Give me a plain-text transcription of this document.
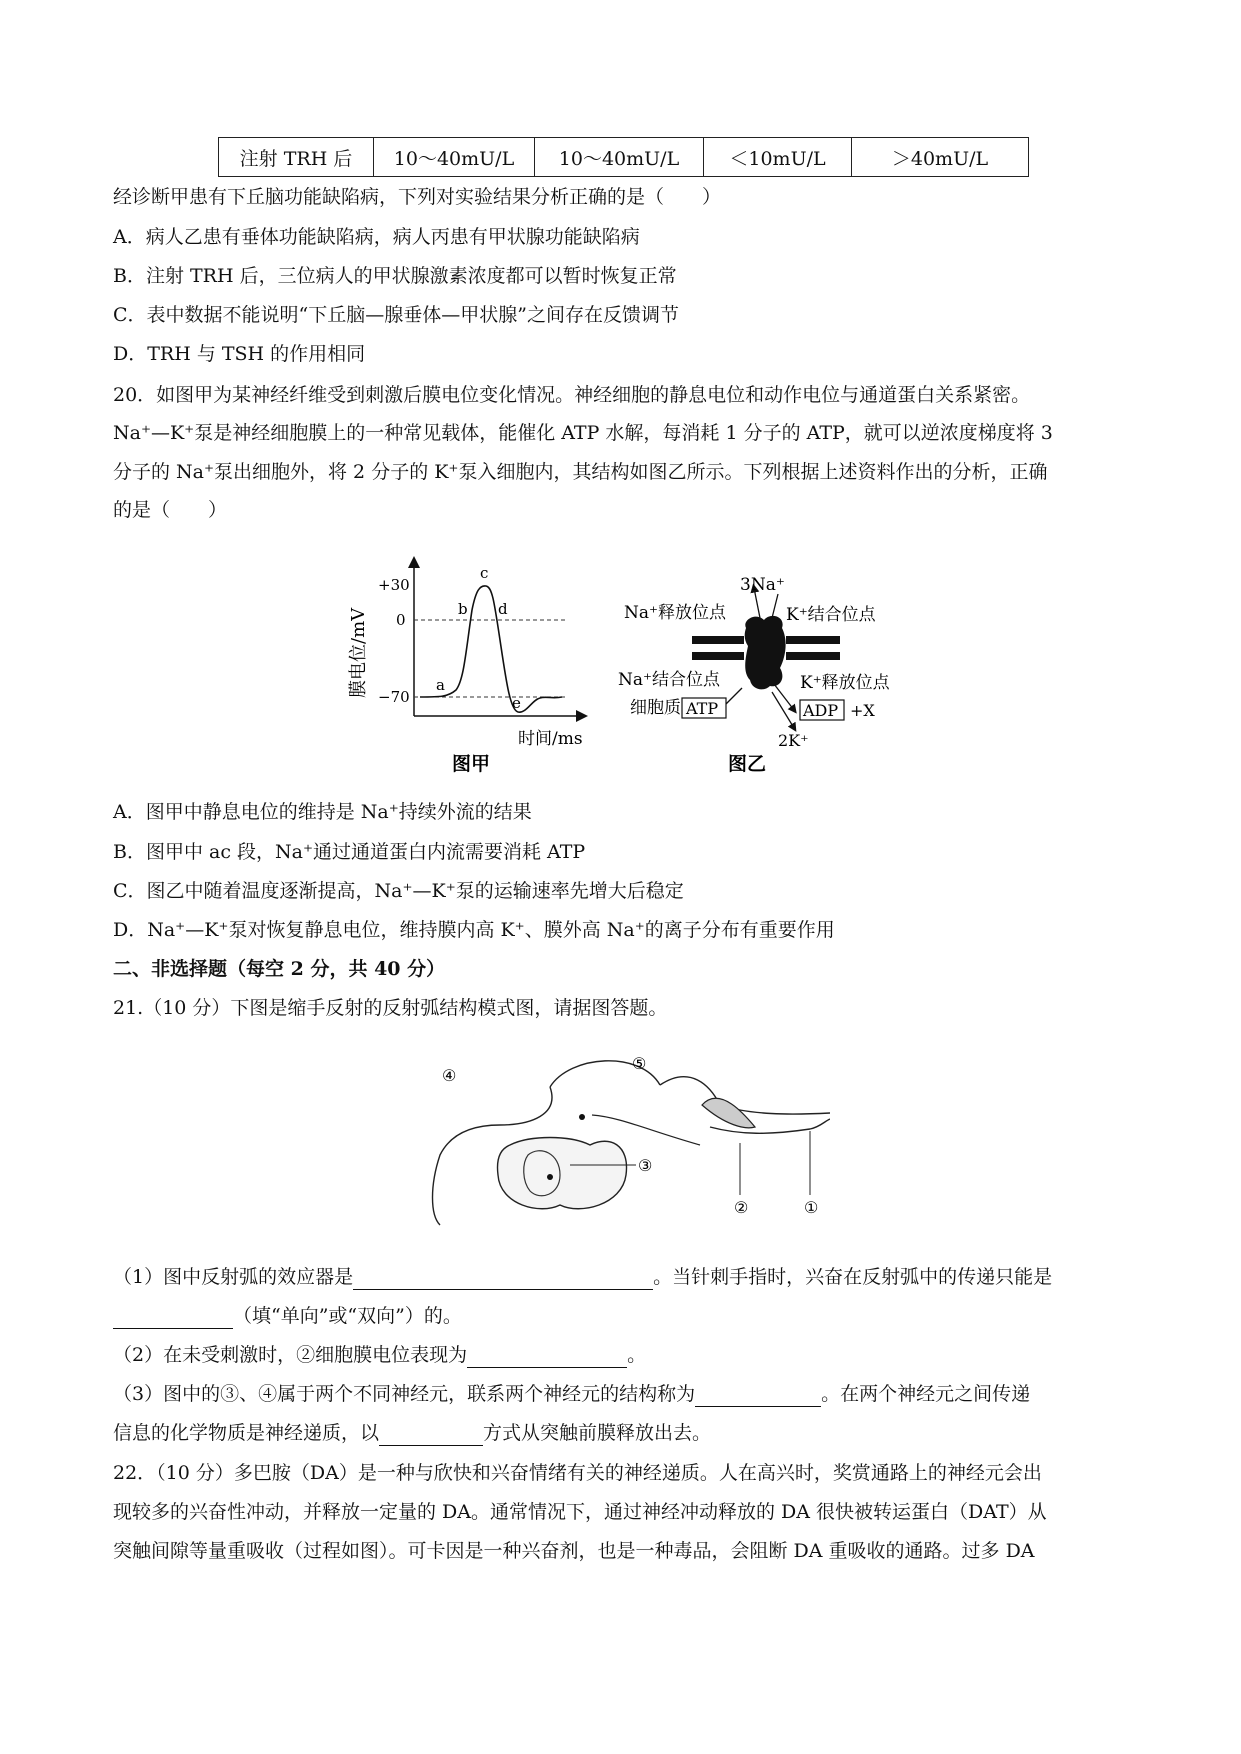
注射 TRH 后	10～40mU/L	10～40mU/L	＜10mU/L	＞40mU/L
经诊断甲患有下丘脑功能缺陷病，下列对实验结果分析正确的是（　　）
A．病人乙患有垂体功能缺陷病，病人丙患有甲状腺功能缺陷病
B．注射 TRH 后，三位病人的甲状腺激素浓度都可以暂时恢复正常
C．表中数据不能说明“下丘脑—腺垂体—甲状腺”之间存在反馈调节
D．TRH 与 TSH 的作用相同
20．如图甲为某神经纤维受到刺激后膜电位变化情况。神经细胞的静息电位和动作电位与通道蛋白关系紧密。
Na⁺—K⁺泵是神经细胞膜上的一种常见载体，能催化 ATP 水解，每消耗 1 分子的 ATP，就可以逆浓度梯度将 3
分子的 Na⁺泵出细胞外，将 2 分子的 K⁺泵入细胞内，其结构如图乙所示。下列根据上述资料作出的分析，正确
的是（　　）
+30
0
−70
膜电位/mV
时间/ms
a
b
c
d
e
图甲
3Na⁺
Na⁺释放位点	K⁺结合位点
Na⁺结合位点	K⁺释放位点
细胞质 ATP	ADP +X
2K⁺
图乙
A．图甲中静息电位的维持是 Na⁺持续外流的结果
B．图甲中 ac 段，Na⁺通过通道蛋白内流需要消耗 ATP
C．图乙中随着温度逐渐提高，Na⁺—K⁺泵的运输速率先增大后稳定
D．Na⁺—K⁺泵对恢复静息电位，维持膜内高 K⁺、膜外高 Na⁺的离子分布有重要作用
二、非选择题（每空 2 分，共 40 分）
21.（10 分）下图是缩手反射的反射弧结构模式图，请据图答题。
①
②
③
④
⑤
（1）图中反射弧的效应器是	。当针刺手指时，兴奋在反射弧中的传递只能是
（填“单向”或“双向”）的。
（2）在未受刺激时，②细胞膜电位表现为	。
（3）图中的③、④属于两个不同神经元，联系两个神经元的结构称为	。在两个神经元之间传递
信息的化学物质是神经递质，以	方式从突触前膜释放出去。
22．（10 分）多巴胺（DA）是一种与欣快和兴奋情绪有关的神经递质。人在高兴时，奖赏通路上的神经元会出
现较多的兴奋性冲动，并释放一定量的 DA。通常情况下，通过神经冲动释放的 DA 很快被转运蛋白（DAT）从
突触间隙等量重吸收（过程如图）。可卡因是一种兴奋剂，也是一种毒品，会阻断 DA 重吸收的通路。过多 DA
